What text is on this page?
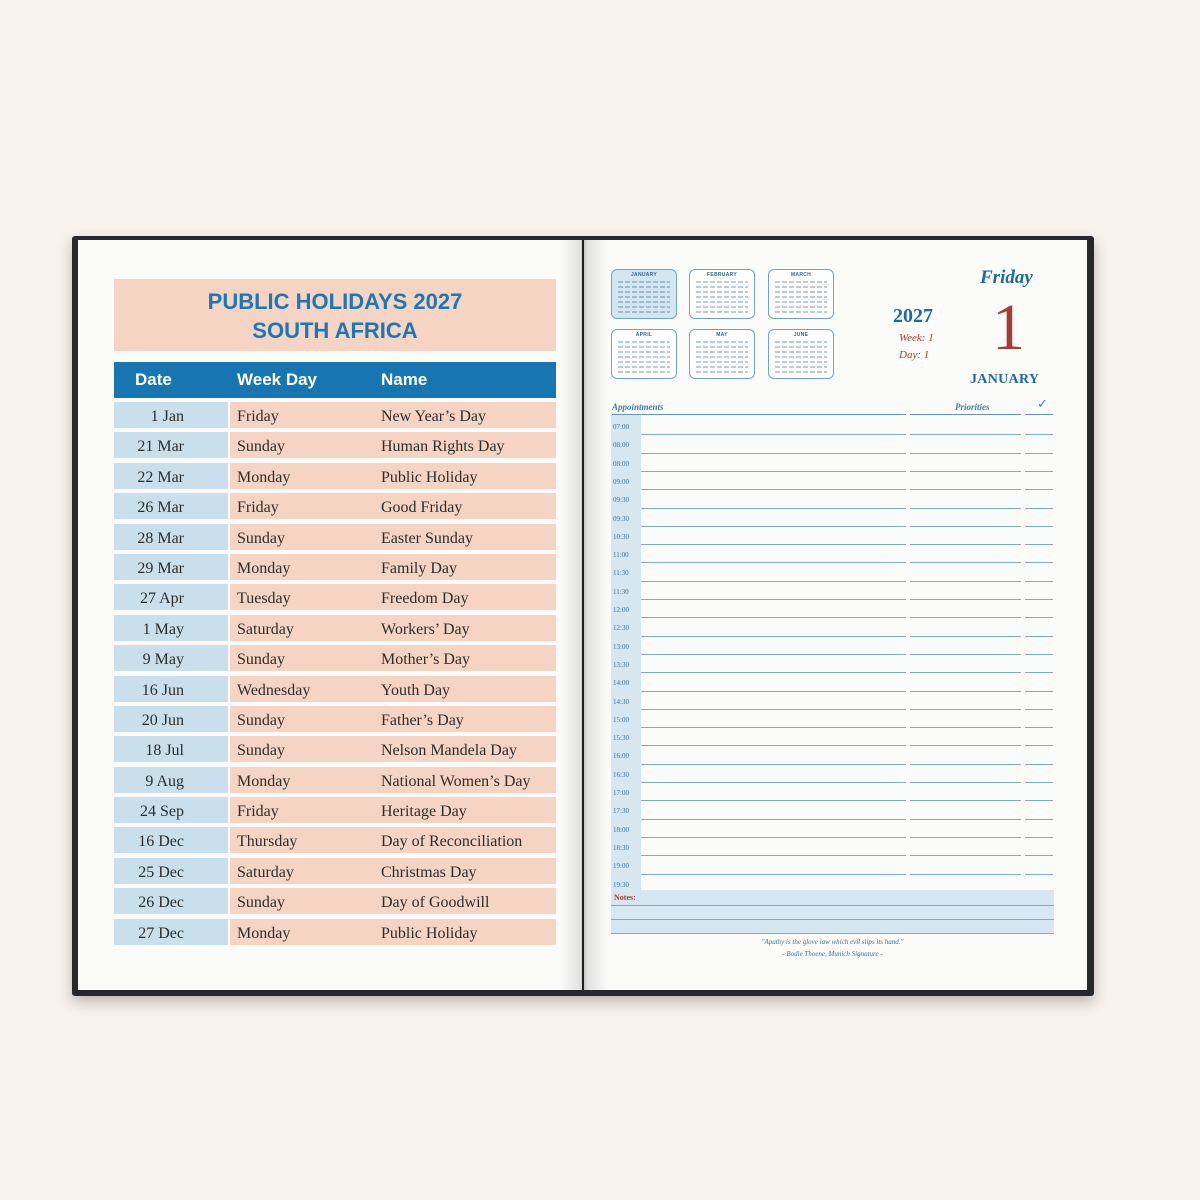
PUBLIC HOLIDAYS 2027
SOUTH AFRICA
Date	Week Day	Name
1 Jan	Friday	New Year’s Day
21 Mar	Sunday	Human Rights Day
22 Mar	Monday	Public Holiday
26 Mar	Friday	Good Friday
28 Mar	Sunday	Easter Sunday
29 Mar	Monday	Family Day
27 Apr	Tuesday	Freedom Day
1 May	Saturday	Workers’ Day
9 May	Sunday	Mother’s Day
16 Jun	Wednesday	Youth Day
20 Jun	Sunday	Father’s Day
18 Jul	Sunday	Nelson Mandela Day
9 Aug	Monday	National Women’s Day
24 Sep	Friday	Heritage Day
16 Dec	Thursday	Day of Reconciliation
25 Dec	Saturday	Christmas Day
26 Dec	Sunday	Day of Goodwill
27 Dec	Monday	Public Holiday
JANUARY	FEBRUARY	MARCH
APRIL	MAY	JUNE
2027
Week: 1
Day: 1
Friday
1
JANUARY
Appointments	Priorities	✓
07:00
08:00
08:00
09:00
09:30
09:30
10:30
11:00
11:30
11:30
12:00
12:30
13:00
13:30
14:00
14:30
15:00
15:30
16:00
16:30
17:00
17:30
18:00
18:30
19:00
19:30
Notes:
"Apathy is the glove law which evil slips its hand."
- Bodie Thoene, Munich Signature -
